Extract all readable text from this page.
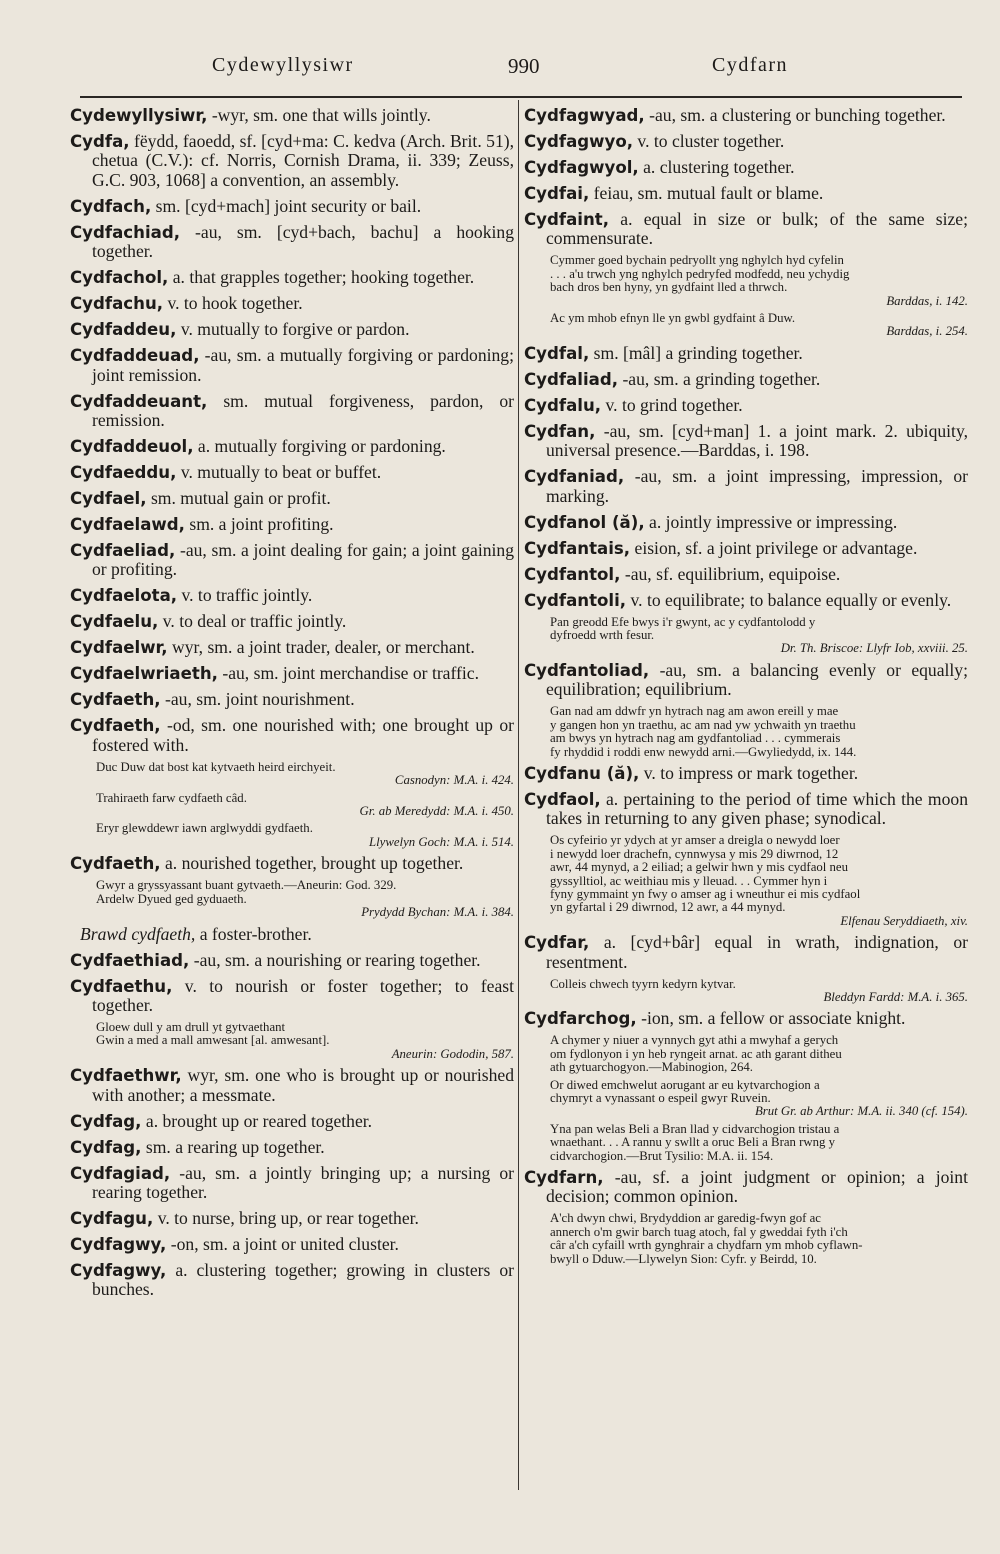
Cydewyllysiwr	990	Cydfarn
Cydewyllysiwr, -wyr, sm. one that wills jointly.
Cydfa, fëydd, faoedd, sf. [cyd+ma: C. kedva (Arch. Brit. 51), chetua (C.V.): cf. Norris, Cornish Drama, ii. 339; Zeuss, G.C. 903, 1068] a convention, an assembly.
Cydfach, sm. [cyd+mach] joint security or bail.
Cydfachiad, -au, sm. [cyd+bach, bachu] a hooking together.
Cydfachol, a. that grapples together; hooking together.
Cydfachu, v. to hook together.
Cydfaddeu, v. mutually to forgive or pardon.
Cydfaddeuad, -au, sm. a mutually forgiving or pardoning; joint remission.
Cydfaddeuant, sm. mutual forgiveness, pardon, or remission.
Cydfaddeuol, a. mutually forgiving or pardoning.
Cydfaeddu, v. mutually to beat or buffet.
Cydfael, sm. mutual gain or profit.
Cydfaelawd, sm. a joint profiting.
Cydfaeliad, -au, sm. a joint dealing for gain; a joint gaining or profiting.
Cydfaelota, v. to traffic jointly.
Cydfaelu, v. to deal or traffic jointly.
Cydfaelwr, wyr, sm. a joint trader, dealer, or merchant.
Cydfaelwriaeth, -au, sm. joint merchandise or traffic.
Cydfaeth, -au, sm. joint nourishment.
Cydfaeth, -od, sm. one nourished with; one brought up or fostered with.
Duc Duw dat bost kat kytvaeth heird eirchyeit.
Casnodyn: M.A. i. 424.
Trahiraeth farw cydfaeth câd.
Gr. ab Meredydd: M.A. i. 450.
Eryr glewddewr iawn arglwyddi gydfaeth.
Llywelyn Goch: M.A. i. 514.
Cydfaeth, a. nourished together, brought up together.
Gwyr a gryssyassant buant gytvaeth.—Aneurin: God. 329.
Ardelw Dyued ged gyduaeth.
Prydydd Bychan: M.A. i. 384.
Brawd cydfaeth, a foster-brother.
Cydfaethiad, -au, sm. a nourishing or rearing together.
Cydfaethu, v. to nourish or foster together; to feast together.
Gloew dull y am drull yt gytvaethant
Gwin a med a mall amwesant [al. amwesant].
Aneurin: Gododin, 587.
Cydfaethwr, wyr, sm. one who is brought up or nourished with another; a messmate.
Cydfag, a. brought up or reared together.
Cydfag, sm. a rearing up together.
Cydfagiad, -au, sm. a jointly bringing up; a nursing or rearing together.
Cydfagu, v. to nurse, bring up, or rear together.
Cydfagwy, -on, sm. a joint or united cluster.
Cydfagwy, a. clustering together; growing in clusters or bunches.
Cydfagwyad, -au, sm. a clustering or bunching together.
Cydfagwyo, v. to cluster together.
Cydfagwyol, a. clustering together.
Cydfai, feiau, sm. mutual fault or blame.
Cydfaint, a. equal in size or bulk; of the same size; commensurate.
Cymmer goed bychain pedryollt yng nghylch hyd cyfelin
. . . a'u trwch yng nghylch pedryfed modfedd, neu ychydig
bach dros ben hyny, yn gydfaint lled a thrwch.
Barddas, i. 142.
Ac ym mhob efnyn lle yn gwbl gydfaint â Duw.
Barddas, i. 254.
Cydfal, sm. [mâl] a grinding together.
Cydfaliad, -au, sm. a grinding together.
Cydfalu, v. to grind together.
Cydfan, -au, sm. [cyd+man] 1. a joint mark. 2. ubiquity, universal presence.—Barddas, i. 198.
Cydfaniad, -au, sm. a joint impressing, impression, or marking.
Cydfanol (ă), a. jointly impressive or impressing.
Cydfantais, eision, sf. a joint privilege or advantage.
Cydfantol, -au, sf. equilibrium, equipoise.
Cydfantoli, v. to equilibrate; to balance equally or evenly.
Pan greodd Efe bwys i'r gwynt, ac y cydfantolodd y
dyfroedd wrth fesur.
Dr. Th. Briscoe: Llyfr Iob, xxviii. 25.
Cydfantoliad, -au, sm. a balancing evenly or equally; equilibration; equilibrium.
Gan nad am ddwfr yn hytrach nag am awon ereill y mae
y gangen hon yn traethu, ac am nad yw ychwaith yn traethu
am bwys yn hytrach nag am gydfantoliad . . . cymmerais
fy rhyddid i roddi enw newydd arni.—Gwyliedydd, ix. 144.
Cydfanu (ă), v. to impress or mark together.
Cydfaol, a. pertaining to the period of time which the moon takes in returning to any given phase; synodical.
Os cyfeirio yr ydych at yr amser a dreigla o newydd loer
i newydd loer drachefn, cynnwysa y mis 29 diwrnod, 12
awr, 44 mynyd, a 2 eiliad; a gelwir hwn y mis cydfaol neu
gyssylltiol, ac weithiau mis y lleuad. . . Cymmer hyn i
fyny gymmaint yn fwy o amser ag i wneuthur ei mis cydfaol
yn gyfartal i 29 diwrnod, 12 awr, a 44 mynyd.
Elfenau Seryddiaeth, xiv.
Cydfar, a. [cyd+bâr] equal in wrath, indignation, or resentment.
Colleis chwech tyyrn kedyrn kytvar.
Bleddyn Fardd: M.A. i. 365.
Cydfarchog, -ion, sm. a fellow or associate knight.
A chymer y niuer a vynnych gyt athi a mwyhaf a gerych
om fydlonyon i yn heb ryngeit arnat. ac ath garant ditheu
ath gytuarchogyon.—Mabinogion, 264.
Or diwed emchwelut aorugant ar eu kytvarchogion a
chymryt a vynassant o espeil gwyr Ruvein.
Brut Gr. ab Arthur: M.A. ii. 340 (cf. 154).
Yna pan welas Beli a Bran llad y cidvarchogion tristau a
wnaethant. . . A rannu y swllt a oruc Beli a Bran rwng y
cidvarchogion.—Brut Tysilio: M.A. ii. 154.
Cydfarn, -au, sf. a joint judgment or opinion; a joint decision; common opinion.
A'ch dwyn chwi, Brydyddion ar garedig-fwyn gof ac
annerch o'm gwir barch tuag atoch, fal y gweddai fyth i'ch
câr a'ch cyfaill wrth gynghrair a chydfarn ym mhob cyflawn-
bwyll o Dduw.—Llywelyn Sion: Cyfr. y Beirdd, 10.
